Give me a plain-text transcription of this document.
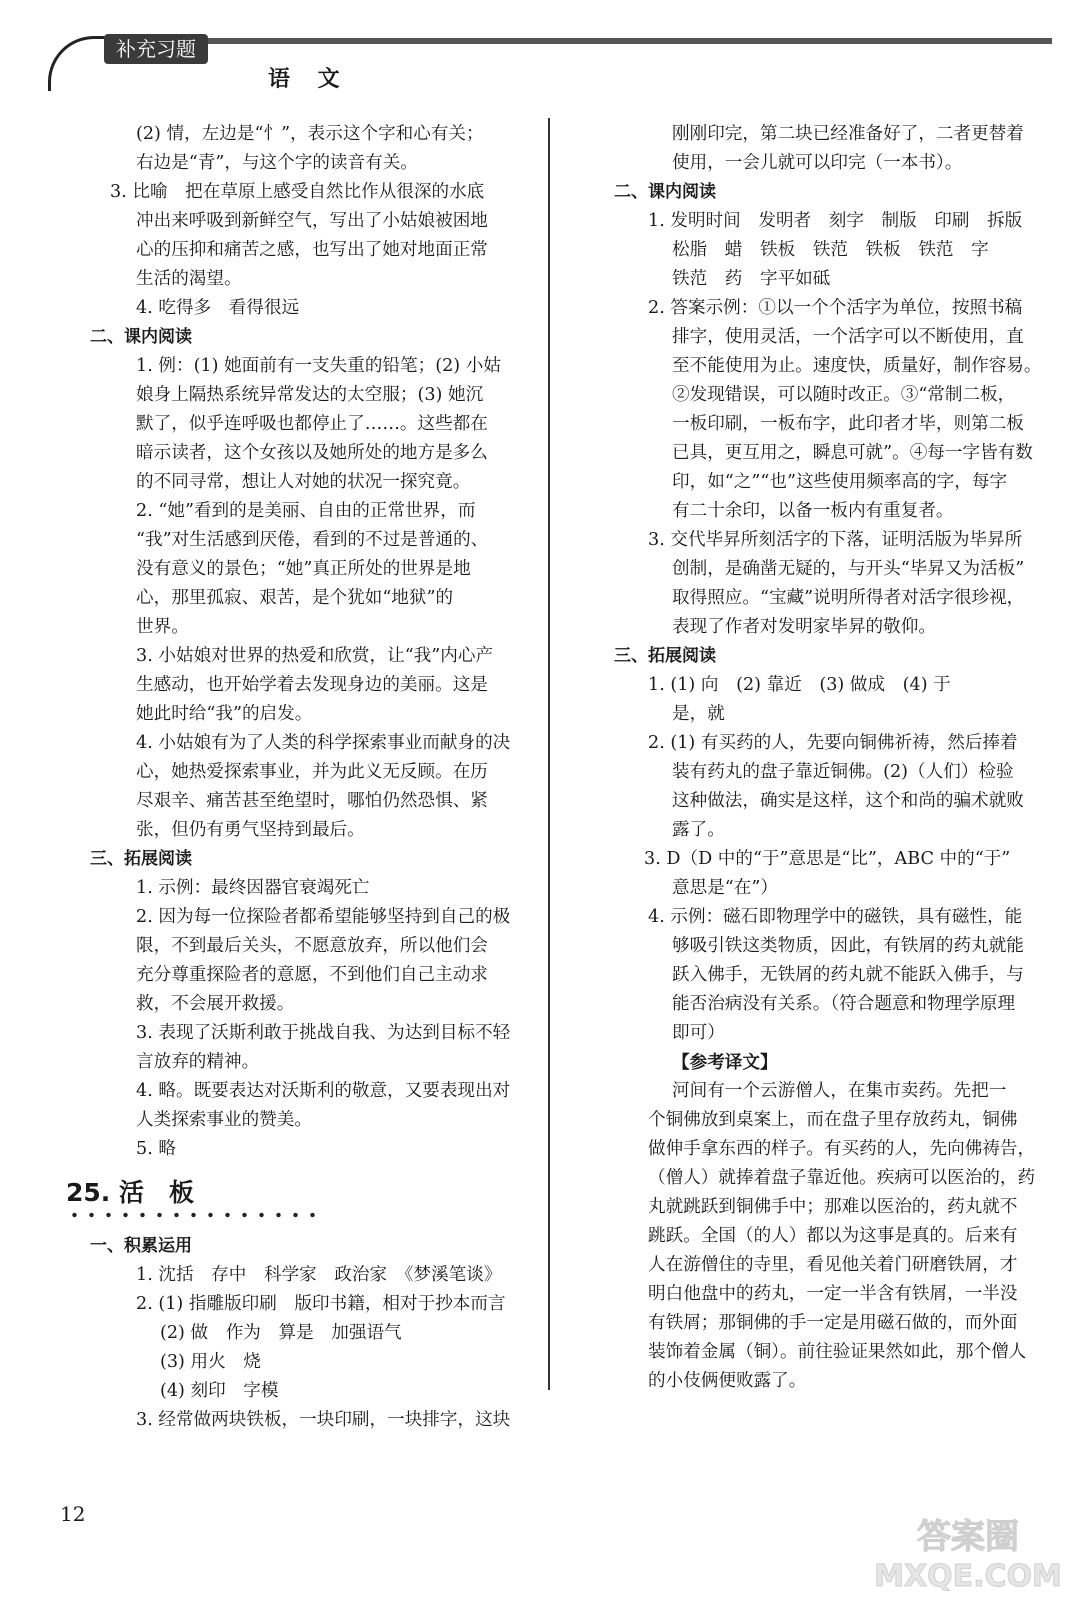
补充习题
语 文
(2) 情，左边是“忄”，表示这个字和心有关；
右边是“青”，与这个字的读音有关。
3. 比喻　把在草原上感受自然比作从很深的水底
冲出来呼吸到新鲜空气，写出了小姑娘被困地
心的压抑和痛苦之感，也写出了她对地面正常
生活的渴望。
4. 吃得多　看得很远
二、课内阅读
1. 例：(1) 她面前有一支失重的铅笔；(2) 小姑
娘身上隔热系统异常发达的太空服；(3) 她沉
默了，似乎连呼吸也都停止了……。这些都在
暗示读者，这个女孩以及她所处的地方是多么
的不同寻常，想让人对她的状况一探究竟。
2. “她”看到的是美丽、自由的正常世界，而
“我”对生活感到厌倦，看到的不过是普通的、
没有意义的景色；“她”真正所处的世界是地
心，那里孤寂、艰苦，是个犹如“地狱”的
世界。
3. 小姑娘对世界的热爱和欣赏，让“我”内心产
生感动，也开始学着去发现身边的美丽。这是
她此时给“我”的启发。
4. 小姑娘有为了人类的科学探索事业而献身的决
心，她热爱探索事业，并为此义无反顾。在历
尽艰辛、痛苦甚至绝望时，哪怕仍然恐惧、紧
张，但仍有勇气坚持到最后。
三、拓展阅读
1. 示例：最终因器官衰竭死亡
2. 因为每一位探险者都希望能够坚持到自己的极
限，不到最后关头，不愿意放弃，所以他们会
充分尊重探险者的意愿，不到他们自己主动求
救，不会展开救援。
3. 表现了沃斯利敢于挑战自我、为达到目标不轻
言放弃的精神。
4. 略。既要表达对沃斯利的敬意，又要表现出对
人类探索事业的赞美。
5. 略
25. 活　板
一、积累运用
1. 沈括　存中　科学家　政治家　《梦溪笔谈》
2. (1) 指雕版印刷　版印书籍，相对于抄本而言
(2) 做　作为　算是　加强语气
(3) 用火　烧
(4) 刻印　字模
3. 经常做两块铁板，一块印刷，一块排字，这块
刚刚印完，第二块已经准备好了，二者更替着
使用，一会儿就可以印完（一本书）。
二、课内阅读
1. 发明时间　发明者　刻字　制版　印刷　拆版
松脂　蜡　铁板　铁范　铁板　铁范　字
铁范　药　字平如砥
2. 答案示例：①以一个个活字为单位，按照书稿
排字，使用灵活，一个活字可以不断使用，直
至不能使用为止。速度快，质量好，制作容易。
②发现错误，可以随时改正。③“常制二板，
一板印刷，一板布字，此印者才毕，则第二板
已具，更互用之，瞬息可就”。④每一字皆有数
印，如“之”“也”这些使用频率高的字，每字
有二十余印，以备一板内有重复者。
3. 交代毕昇所刻活字的下落，证明活版为毕昇所
创制，是确凿无疑的，与开头“毕昇又为活板”
取得照应。“宝藏”说明所得者对活字很珍视，
表现了作者对发明家毕昇的敬仰。
三、拓展阅读
1. (1) 向　(2) 靠近　(3) 做成　(4) 于
是，就
2. (1) 有买药的人，先要向铜佛祈祷，然后捧着
装有药丸的盘子靠近铜佛。(2)（人们）检验
这种做法，确实是这样，这个和尚的骗术就败
露了。
3. D（D 中的“于”意思是“比”，ABC 中的“于”
意思是“在”）
4. 示例：磁石即物理学中的磁铁，具有磁性，能
够吸引铁这类物质，因此，有铁屑的药丸就能
跃入佛手，无铁屑的药丸就不能跃入佛手，与
能否治病没有关系。（符合题意和物理学原理
即可）
【参考译文】
河间有一个云游僧人，在集市卖药。先把一
个铜佛放到桌案上，而在盘子里存放药丸，铜佛
做伸手拿东西的样子。有买药的人，先向佛祷告，
（僧人）就捧着盘子靠近他。疾病可以医治的，药
丸就跳跃到铜佛手中；那难以医治的，药丸就不
跳跃。全国（的人）都以为这事是真的。后来有
人在游僧住的寺里，看见他关着门研磨铁屑，才
明白他盘中的药丸，一定一半含有铁屑，一半没
有铁屑；那铜佛的手一定是用磁石做的，而外面
装饰着金属（铜）。前往验证果然如此，那个僧人
的小伎俩便败露了。
12
答案圈
MXQE.COM
